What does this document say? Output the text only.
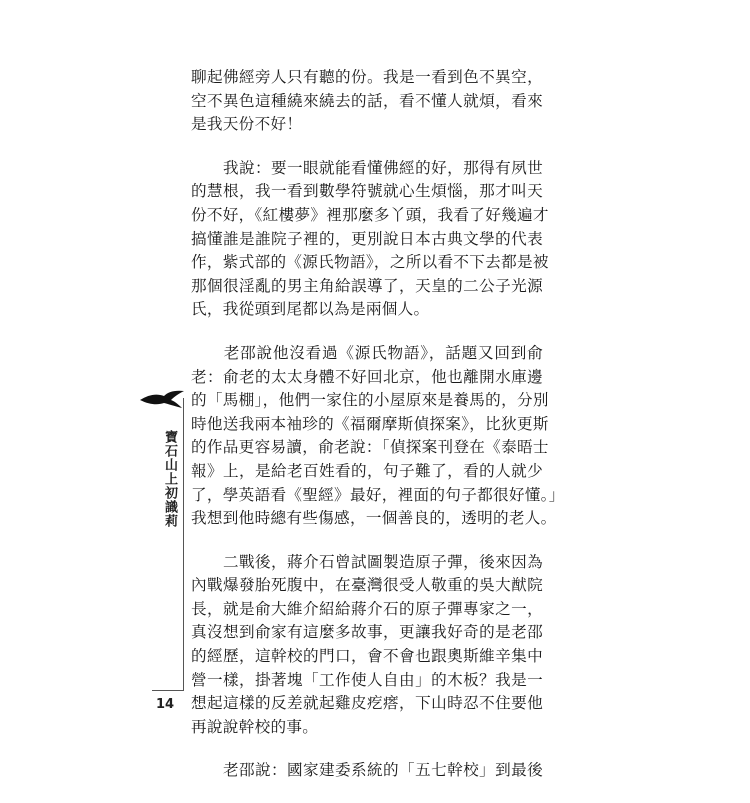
聊起佛經旁人只有聽的份。我是一看到色不異空，
空不異色這種繞來繞去的話，看不懂人就煩，看來
是我天份不好！

　　我說：要一眼就能看懂佛經的好，那得有夙世
的慧根，我一看到數學符號就心生煩惱，那才叫天
份不好，《紅樓夢》裡那麼多丫頭，我看了好幾遍才
搞懂誰是誰院子裡的，更別說日本古典文學的代表
作，紫式部的《源氏物語》，之所以看不下去都是被
那個很淫亂的男主角給誤導了，天皇的二公子光源
氏，我從頭到尾都以為是兩個人。

　　老邵說他沒看過《源氏物語》，話題又回到俞
老：俞老的太太身體不好回北京，他也離開水庫邊
的「馬棚」，他們一家住的小屋原來是養馬的，分別
時他送我兩本袖珍的《福爾摩斯偵探案》，比狄更斯
的作品更容易讀，俞老說：「偵探案刊登在《泰晤士
報》上，是給老百姓看的，句子難了，看的人就少
了，學英語看《聖經》最好，裡面的句子都很好懂。」
我想到他時總有些傷感，一個善良的，透明的老人。

　　二戰後，蔣介石曾試圖製造原子彈，後來因為
內戰爆發胎死腹中，在臺灣很受人敬重的吳大猷院
長，就是俞大維介紹給蔣介石的原子彈專家之一，
真沒想到俞家有這麼多故事，更讓我好奇的是老邵
的經歷，這幹校的門口，會不會也跟奧斯維辛集中
營一樣，掛著塊「工作使人自由」的木板？我是一
想起這樣的反差就起雞皮疙瘩，下山時忍不住要他
再說說幹校的事。

　　老邵說：國家建委系統的「五七幹校」到最後

寶石山上初識莉
14
